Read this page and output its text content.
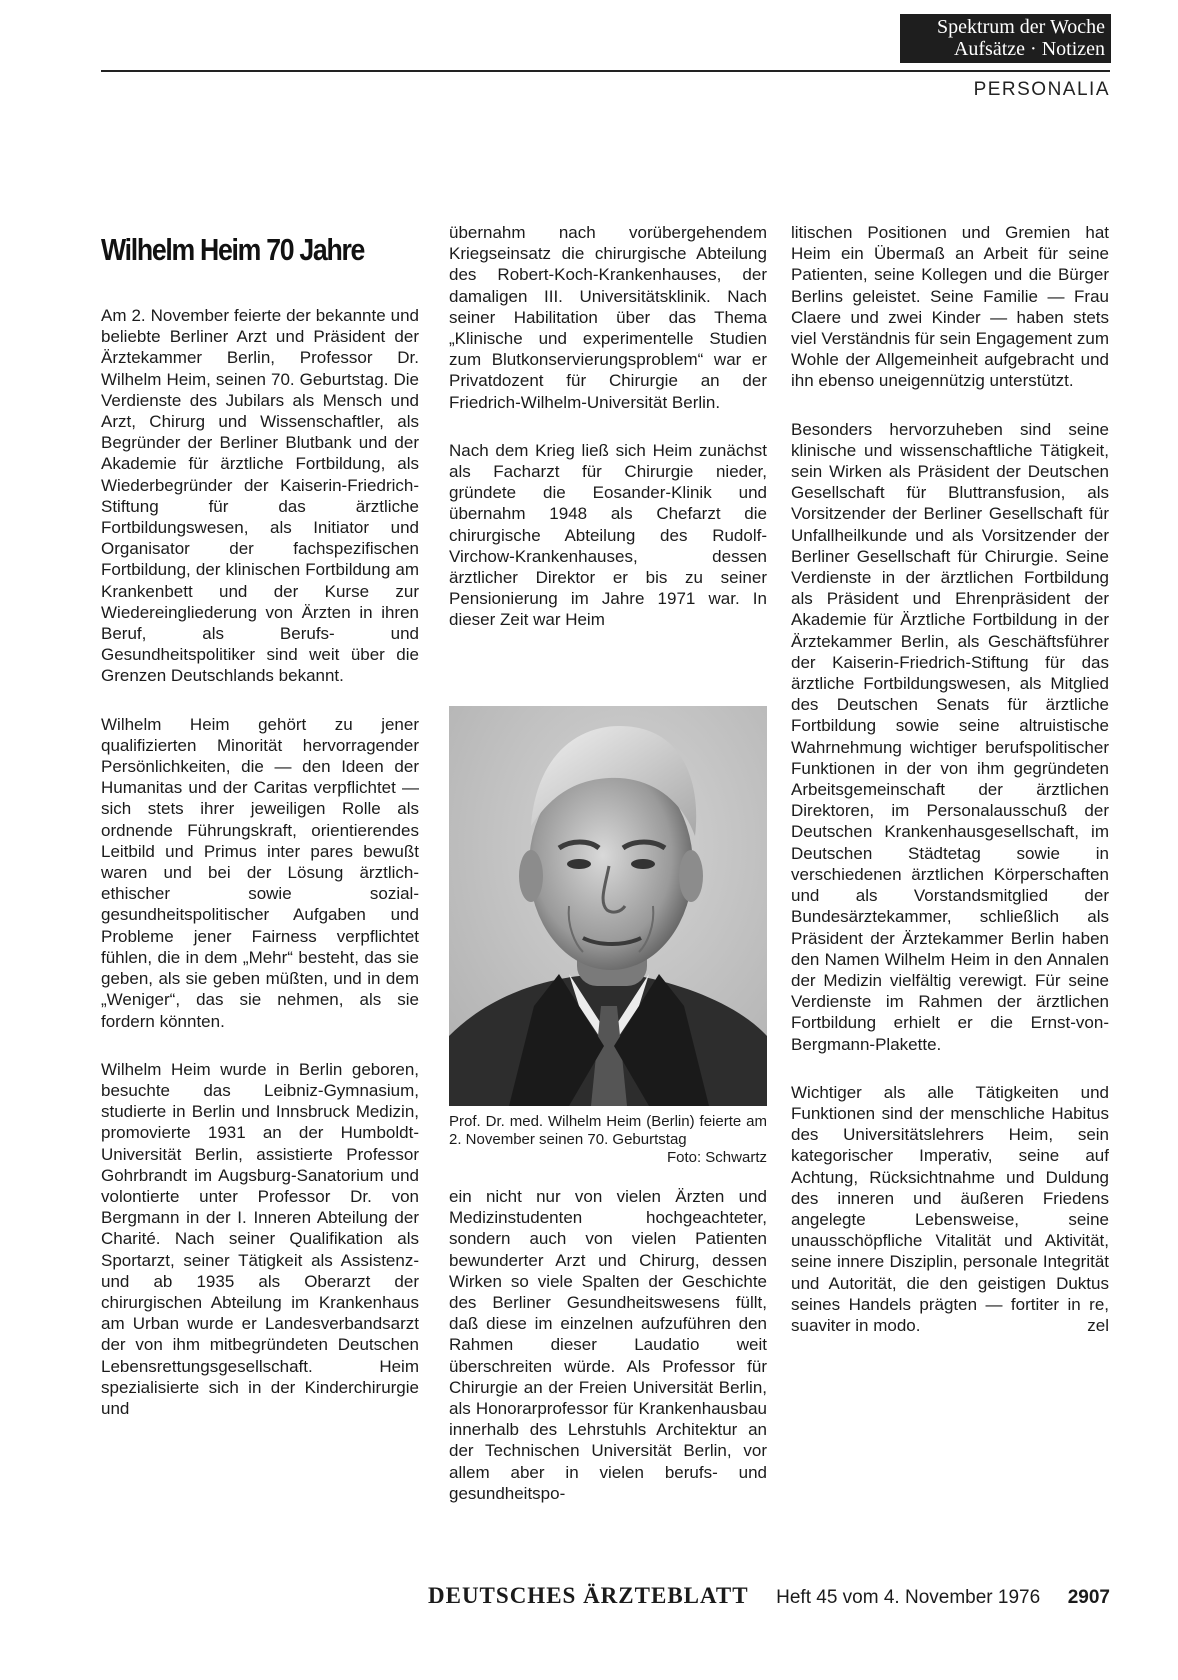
Spektrum der Woche
Aufsätze · Notizen
PERSONALIA
Wilhelm Heim 70 Jahre

Am 2. November feierte der bekannte und beliebte Berliner Arzt und Präsident der Ärztekammer Berlin, Professor Dr. Wilhelm Heim, seinen 70. Geburtstag. Die Verdienste des Jubilars als Mensch und Arzt, Chirurg und Wissenschaftler, als Begründer der Berliner Blutbank und der Akademie für ärztliche Fortbildung, als Wiederbegründer der Kaiserin-Friedrich-Stiftung für das ärztliche Fortbildungswesen, als Initiator und Organisator der fachspezifischen Fortbildung, der klinischen Fortbildung am Krankenbett und der Kurse zur Wiedereingliederung von Ärzten in ihren Beruf, als Berufs- und Gesundheitspolitiker sind weit über die Grenzen Deutschlands bekannt.

Wilhelm Heim gehört zu jener qualifizierten Minorität hervorragender Persönlichkeiten, die — den Ideen der Humanitas und der Caritas verpflichtet — sich stets ihrer jeweiligen Rolle als ordnende Führungskraft, orientierendes Leitbild und Primus inter pares bewußt waren und bei der Lösung ärztlich-ethischer sowie sozial-gesundheitspolitischer Aufgaben und Probleme jener Fairness verpflichtet fühlen, die in dem „Mehr“ besteht, das sie geben, als sie geben müßten, und in dem „Weniger“, das sie nehmen, als sie fordern könnten.

Wilhelm Heim wurde in Berlin geboren, besuchte das Leibniz-Gymnasium, studierte in Berlin und Innsbruck Medizin, promovierte 1931 an der Humboldt-Universität Berlin, assistierte Professor Gohrbrandt im Augsburg-Sanatorium und volontierte unter Professor Dr. von Bergmann in der I. Inneren Abteilung der Charité. Nach seiner Qualifikation als Sportarzt, seiner Tätigkeit als Assistenz- und ab 1935 als Oberarzt der chirurgischen Abteilung im Krankenhaus am Urban wurde er Landesverbandsarzt der von ihm mitbegründeten Deutschen Lebensrettungsgesellschaft. Heim spezialisierte sich in der Kinderchirurgie und

übernahm nach vorübergehendem Kriegseinsatz die chirurgische Abteilung des Robert-Koch-Krankenhauses, der damaligen III. Universitätsklinik. Nach seiner Habilitation über das Thema „Klinische und experimentelle Studien zum Blutkonservierungsproblem“ war er Privatdozent für Chirurgie an der Friedrich-Wilhelm-Universität Berlin.

Nach dem Krieg ließ sich Heim zunächst als Facharzt für Chirurgie nieder, gründete die Eosander-Klinik und übernahm 1948 als Chefarzt die chirurgische Abteilung des Rudolf-Virchow-Krankenhauses, dessen ärztlicher Direktor er bis zu seiner Pensionierung im Jahre 1971 war. In dieser Zeit war Heim

Prof. Dr. med. Wilhelm Heim (Berlin) feierte am 2. November seinen 70. Geburtstag

Foto: Schwartz

ein nicht nur von vielen Ärzten und Medizinstudenten hochgeachteter, sondern auch von vielen Patienten bewunderter Arzt und Chirurg, dessen Wirken so viele Spalten der Geschichte des Berliner Gesundheitswesens füllt, daß diese im einzelnen aufzuführen den Rahmen dieser Laudatio weit überschreiten würde. Als Professor für Chirurgie an der Freien Universität Berlin, als Honorarprofessor für Krankenhausbau innerhalb des Lehrstuhls Architektur an der Technischen Universität Berlin, vor allem aber in vielen berufs- und gesundheitspo-

litischen Positionen und Gremien hat Heim ein Übermaß an Arbeit für seine Patienten, seine Kollegen und die Bürger Berlins geleistet. Seine Familie — Frau Claere und zwei Kinder — haben stets viel Verständnis für sein Engagement zum Wohle der Allgemeinheit aufgebracht und ihn ebenso uneigennützig unterstützt.

Besonders hervorzuheben sind seine klinische und wissenschaftliche Tätigkeit, sein Wirken als Präsident der Deutschen Gesellschaft für Bluttransfusion, als Vorsitzender der Berliner Gesellschaft für Unfallheilkunde und als Vorsitzender der Berliner Gesellschaft für Chirurgie. Seine Verdienste in der ärztlichen Fortbildung als Präsident und Ehrenpräsident der Akademie für Ärztliche Fortbildung in der Ärztekammer Berlin, als Geschäftsführer der Kaiserin-Friedrich-Stiftung für das ärztliche Fortbildungswesen, als Mitglied des Deutschen Senats für ärztliche Fortbildung sowie seine altruistische Wahrnehmung wichtiger berufspolitischer Funktionen in der von ihm gegründeten Arbeitsgemeinschaft der ärztlichen Direktoren, im Personalausschuß der Deutschen Krankenhausgesellschaft, im Deutschen Städtetag sowie in verschiedenen ärztlichen Körperschaften und als Vorstandsmitglied der Bundesärztekammer, schließlich als Präsident der Ärztekammer Berlin haben den Namen Wilhelm Heim in den Annalen der Medizin vielfältig verewigt. Für seine Verdienste im Rahmen der ärztlichen Fortbildung erhielt er die Ernst-von-Bergmann-Plakette.

Wichtiger als alle Tätigkeiten und Funktionen sind der menschliche Habitus des Universitätslehrers Heim, sein kategorischer Imperativ, seine auf Achtung, Rücksichtnahme und Duldung des inneren und äußeren Friedens angelegte Lebensweise, seine unausschöpfliche Vitalität und Aktivität, seine innere Disziplin, personale Integrität und Autorität, die den geistigen Duktus seines Handels prägten — fortiter in re, suaviter in modo.	zel

DEUTSCHES ÄRZTEBLATT Heft 45 vom 4. November 1976 2907
